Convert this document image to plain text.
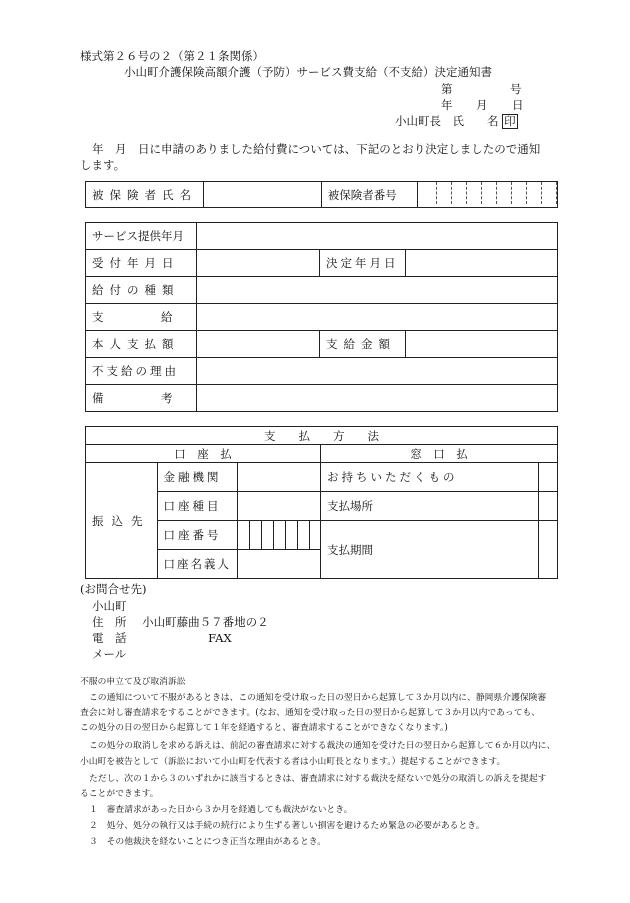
様式第２６号の２（第２１条関係）
小山町介護保険高額介護（予防）サービス費支給（不支給）決定通知書
第	号
年 月 日
小山町長　氏　　名 印
年　月　日に申請のありました給付費については、下記のとおり決定しましたので通知
します。
被保険者氏名		被保険者番号	
サービス提供年月			
受付年月日		決定年月日	
給付の種類			
支　　　　　給			
本人支払額		支給金額	
不支給の理由			
備　　　　　考			
支　　払　　方　　法				
口　座　払			窓　口　払	
振込先	金融機関		お持ちいただくもの	
	口座種目		支払場所	
	口座番号		支払期間	
	口座名義人			
(お問合せ先)
小山町
住　所 小山町藤曲５７番地の２
電　話	FAX
メール
不服の申立て及び取消訴訟
この通知について不服があるときは、この通知を受け取った日の翌日から起算して３か月以内に、静岡県介護保険審
査会に対し審査請求をすることができます。(なお、通知を受け取った日の翌日から起算して３か月以内であっても、
この処分の日の翌日から起算して１年を経過すると、審査請求することができなくなります。)
この処分の取消しを求める訴えは、前記の審査請求に対する裁決の通知を受けた日の翌日から起算して６か月以内に、
小山町を被告として（訴訟において小山町を代表する者は小山町長となります。）提起することができます。
ただし、次の１から３のいずれかに該当するときは、審査請求に対する裁決を経ないで処分の取消しの訴えを提起す
ることができます。
１　審査請求があった日から３か月を経過しても裁決がないとき。
２　処分、処分の執行又は手続の続行により生ずる著しい損害を避けるため緊急の必要があるとき。
３　その他裁決を経ないことにつき正当な理由があるとき。
